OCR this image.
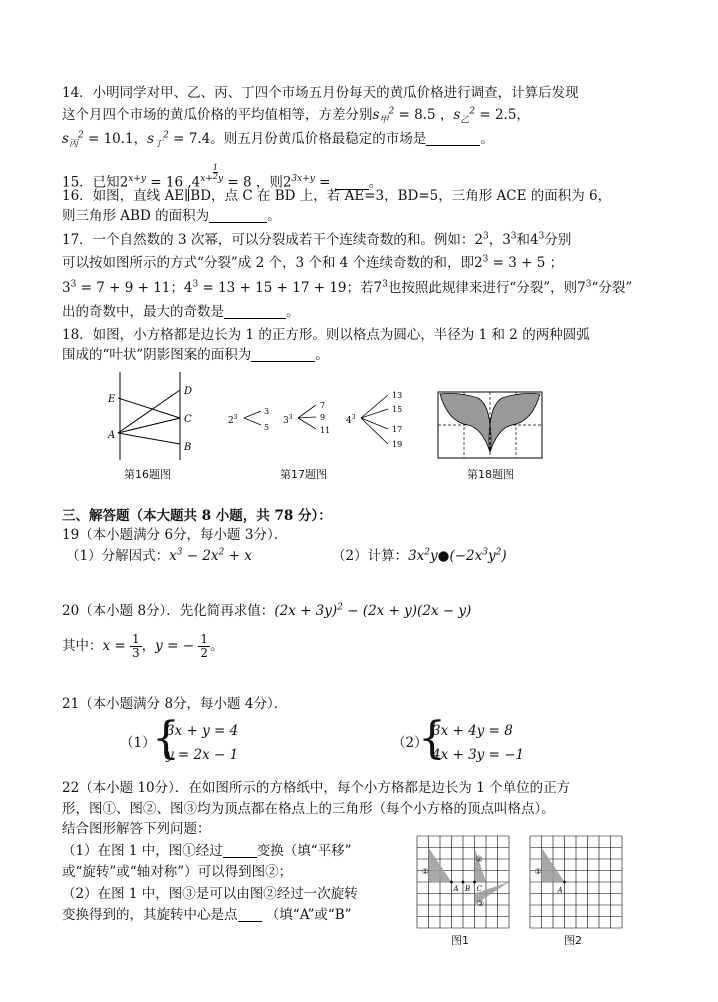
14．小明同学对甲、乙、丙、丁四个市场五月份每天的黄瓜价格进行调查，计算后发现
这个月四个市场的黄瓜价格的平均值相等，方差分别$s_甲^2 = 8.5$ ，$s_乙^2 = 2.5$，
$s_丙^2 = 10.1$，$s_丁^2 = 7.4$。则五月份黄瓜价格最稳定的市场是	。
15．已知$2^{x+y} = 16$ $,4^{x+ \frac{1}{2} y} = 8$ ，则$2^{3x+y}$ =	。
16．如图，直线 AE∥BD，点 C 在 BD 上，若 AE=3，BD=5，三角形 ACE 的面积为 6，
则三角形 ABD 的面积为	。
17．一个自然数的 3 次幂，可以分裂成若干个连续奇数的和。例如：$2^3$，$3^3$和$4^3$分别
可以按如图所示的方式“分裂”成 2 个，3 个和 4 个连续奇数的和，即$2^3 = 3 + 5$ ；
$3^3 = 7 + 9 + 11$；$4^3 = 13 + 15 + 17 + 19$；若$7^3$也按照此规律来进行“分裂”，则$7^3“$分裂”
出的奇数中，最大的奇数是	。
18．如图，小方格都是边长为 1 的正方形。则以格点为圆心，半径为 1 和 2 的两种圆弧
围成的“叶状”阴影图案的面积为	。
D
E
C
A
B
第16题图
$2^3$
3
5
$3^3$
7
9
11
$4^3$
13
15
17
19
第17题图	第18题图
三、解答题（本大题共 8 小题，共 78 分）：
19（本小题满分 6分，每小题 3分）．
（1）分解因式：$x^3 - 2x^2 + x$	（2）计算：$3x^2y●(-2x^3y^2)$
20（本小题 8分）．先化简再求值：$(2x + 3y)^2 - (2x + y)(2x - y)$
其中：$x = \frac{1}{3}$ ，y = − $\frac{1}{2}$ 。
21（本小题满分 8分，每小题 4分）．
（1）
{
3x + y = 4
y = 2x − 1
（2）
{
3x + 4y = 8
4x + 3y = −1
22（本小题 10分）．在如图所示的方格纸中，每个小方格都是边长为 1 个单位的正方
形，图①、图②、图③均为顶点都在格点上的三角形（每个小方格的顶点叫格点）。
结合图形解答下列问题：
（1）在图 1 中，图①经过	变换（填“平移”
或“旋转”或“轴对称”）可以得到图②；
（2）在图 1 中，图③是可以由图②经过一次旋转
变换得到的，其旋转中心是点 （填“A”或“B”
①
②
③
A B C
图1
①
A
图2
